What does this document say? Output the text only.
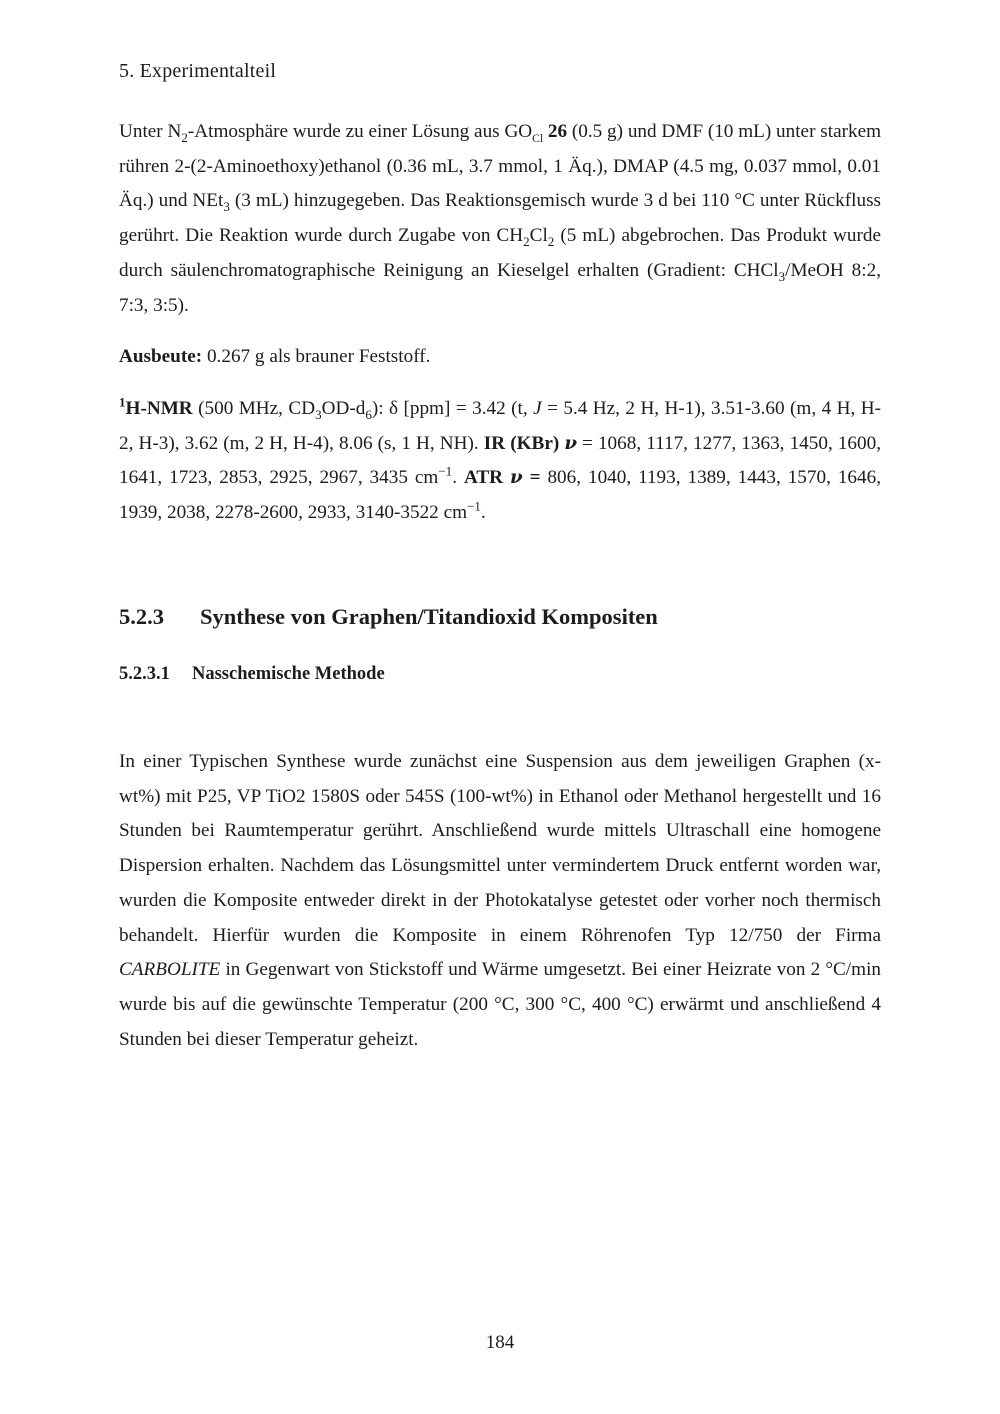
5. Experimentalteil

Unter $N_2$-Atmosphäre wurde zu einer Lösung aus $GO_{Cl}$ 26 (0.5 g) und DMF (10 mL) unter starkem rühren 2-(2-Aminoethoxy)ethanol (0.36 mL, 3.7 mmol, 1 Äq.), DMAP (4.5 mg, 0.037 mmol, 0.01 Äq.) und NEt$_3$ (3 mL) hinzugegeben. Das Reaktionsgemisch wurde 3 d bei 110 °C unter Rückfluss gerührt. Die Reaktion wurde durch Zugabe von $CH_2Cl_2$ (5 mL) abgebrochen. Das Produkt wurde durch säulenchromatographische Reinigung an Kieselgel erhalten (Gradient: CHCl$_3$/MeOH 8:2, 7:3, 3:5).

Ausbeute: 0.267 g als brauner Feststoff.

$^1$H-NMR (500 MHz, $CD_3OD-d_6$): δ [ppm] = 3.42 (t, J = 5.4 Hz, 2 H, H-1), 3.51-3.60 (m, 4 H, H-2, H-3), 3.62 (m, 2 H, H-4), 8.06 (s, 1 H, NH). IR (KBr) ν = 1068, 1117, 1277, 1363, 1450, 1600, 1641, 1723, 2853, 2925, 2967, 3435 $cm^{-1}$. ATR ν = 806, 1040, 1193, 1389, 1443, 1570, 1646, 1939, 2038, 2278-2600, 2933, 3140-3522 $cm^{-1}$.

5.2.3 Synthese von Graphen/Titandioxid Kompositen
5.2.3.1 Nasschemische Methode

In einer Typischen Synthese wurde zunächst eine Suspension aus dem jeweiligen Graphen (x-wt%) mit P25, VP TiO2 1580S oder 545S (100-wt%) in Ethanol oder Methanol hergestellt und 16 Stunden bei Raumtemperatur gerührt. Anschließend wurde mittels Ultraschall eine homogene Dispersion erhalten. Nachdem das Lösungsmittel unter vermindertem Druck entfernt worden war, wurden die Komposite entweder direkt in der Photokatalyse getestet oder vorher noch thermisch behandelt. Hierfür wurden die Komposite in einem Röhrenofen Typ 12/750 der Firma CARBOLITE in Gegenwart von Stickstoff und Wärme umgesetzt. Bei einer Heizrate von 2 °C/min wurde bis auf die gewünschte Temperatur (200 °C, 300 °C, 400 °C) erwärmt und anschließend 4 Stunden bei dieser Temperatur geheizt.

184
